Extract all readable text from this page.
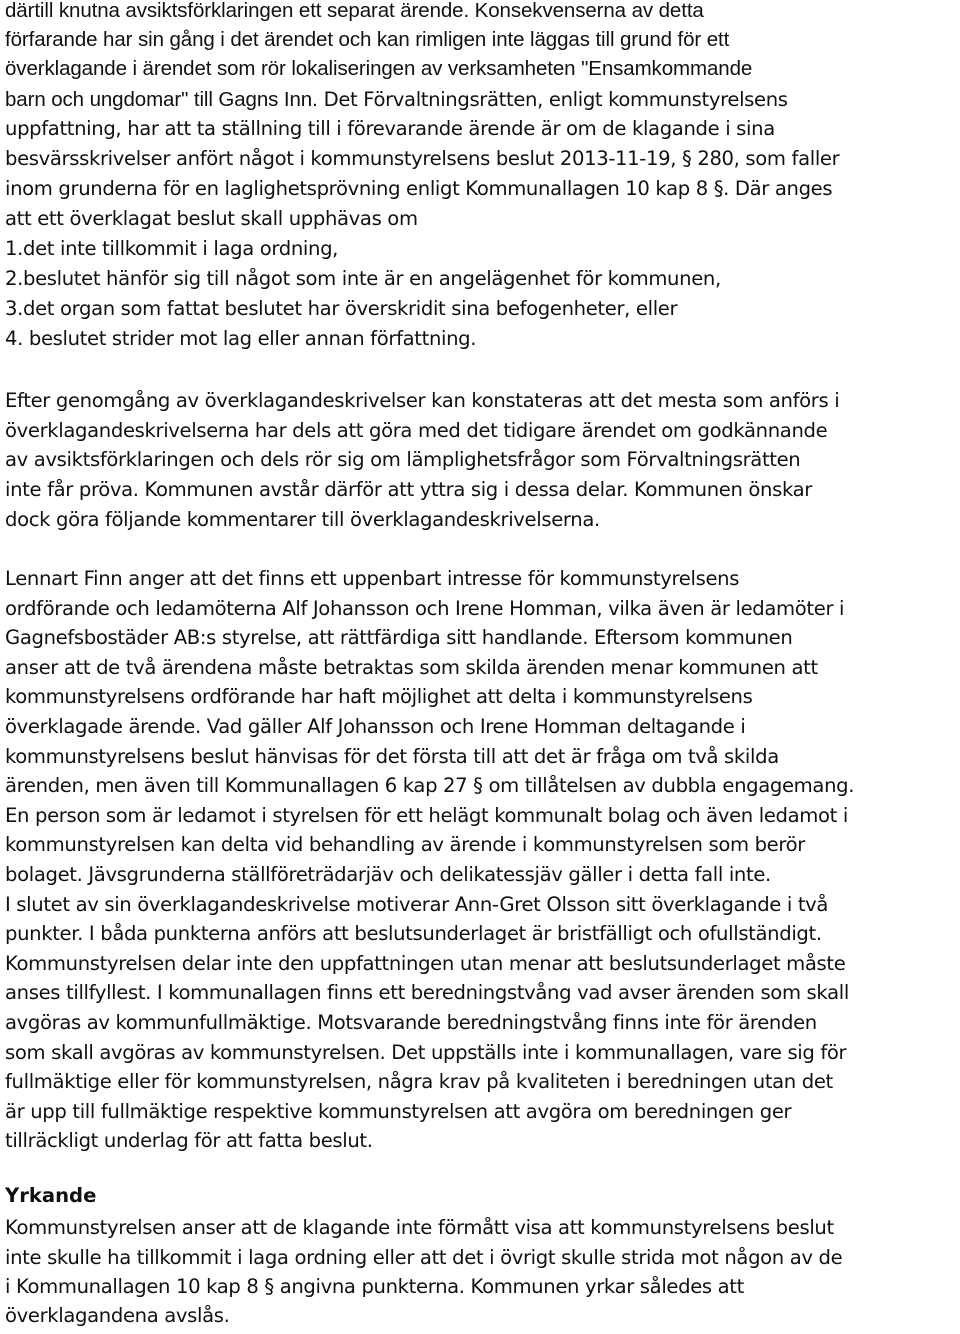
därtill knutna avsiktsförklaringen ett separat ärende. Konsekvenserna av detta
förfarande har sin gång i det ärendet och kan rimligen inte läggas till grund för ett
överklagande i ärendet som rör lokaliseringen av verksamheten "Ensamkommande
barn och ungdomar" till Gagns Inn. Det Förvaltningsrätten, enligt kommunstyrelsens
uppfattning, har att ta ställning till i förevarande ärende är om de klagande i sina
besvärsskrivelser anfört något i kommunstyrelsens beslut 2013-11-19, § 280, som faller
inom grunderna för en laglighetsprövning enligt Kommunallagen 10 kap 8 §. Där anges
att ett överklagat beslut skall upphävas om
1.det inte tillkommit i laga ordning,
2.beslutet hänför sig till något som inte är en angelägenhet för kommunen,
3.det organ som fattat beslutet har överskridit sina befogenheter, eller
4. beslutet strider mot lag eller annan författning.
Efter genomgång av överklagandeskrivelser kan konstateras att det mesta som anförs i
överklagandeskrivelserna har dels att göra med det tidigare ärendet om godkännande
av avsiktsförklaringen och dels rör sig om lämplighetsfrågor som Förvaltningsrätten
inte får pröva. Kommunen avstår därför att yttra sig i dessa delar. Kommunen önskar
dock göra följande kommentarer till överklagandeskrivelserna.
Lennart Finn anger att det finns ett uppenbart intresse för kommunstyrelsens
ordförande och ledamöterna Alf Johansson och Irene Homman, vilka även är ledamöter i
Gagnefsbostäder AB:s styrelse, att rättfärdiga sitt handlande. Eftersom kommunen
anser att de två ärendena måste betraktas som skilda ärenden menar kommunen att
kommunstyrelsens ordförande har haft möjlighet att delta i kommunstyrelsens
överklagade ärende. Vad gäller Alf Johansson och Irene Homman deltagande i
kommunstyrelsens beslut hänvisas för det första till att det är fråga om två skilda
ärenden, men även till Kommunallagen 6 kap 27 § om tillåtelsen av dubbla engagemang.
En person som är ledamot i styrelsen för ett helägt kommunalt bolag och även ledamot i
kommunstyrelsen kan delta vid behandling av ärende i kommunstyrelsen som berör
bolaget. Jävsgrunderna ställföreträdarjäv och delikatessjäv gäller i detta fall inte.
I slutet av sin överklagandeskrivelse motiverar Ann-Gret Olsson sitt överklagande i två
punkter. I båda punkterna anförs att beslutsunderlaget är bristfälligt och ofullständigt.
Kommunstyrelsen delar inte den uppfattningen utan menar att beslutsunderlaget måste
anses tillfyllest. I kommunallagen finns ett beredningstvång vad avser ärenden som skall
avgöras av kommunfullmäktige. Motsvarande beredningstvång finns inte för ärenden
som skall avgöras av kommunstyrelsen. Det uppställs inte i kommunallagen, vare sig för
fullmäktige eller för kommunstyrelsen, några krav på kvaliteten i beredningen utan det
är upp till fullmäktige respektive kommunstyrelsen att avgöra om beredningen ger
tillräckligt underlag för att fatta beslut.
Yrkande
Kommunstyrelsen anser att de klagande inte förmått visa att kommunstyrelsens beslut
inte skulle ha tillkommit i laga ordning eller att det i övrigt skulle strida mot någon av de
i Kommunallagen 10 kap 8 § angivna punkterna. Kommunen yrkar således att
överklagandena avslås.
